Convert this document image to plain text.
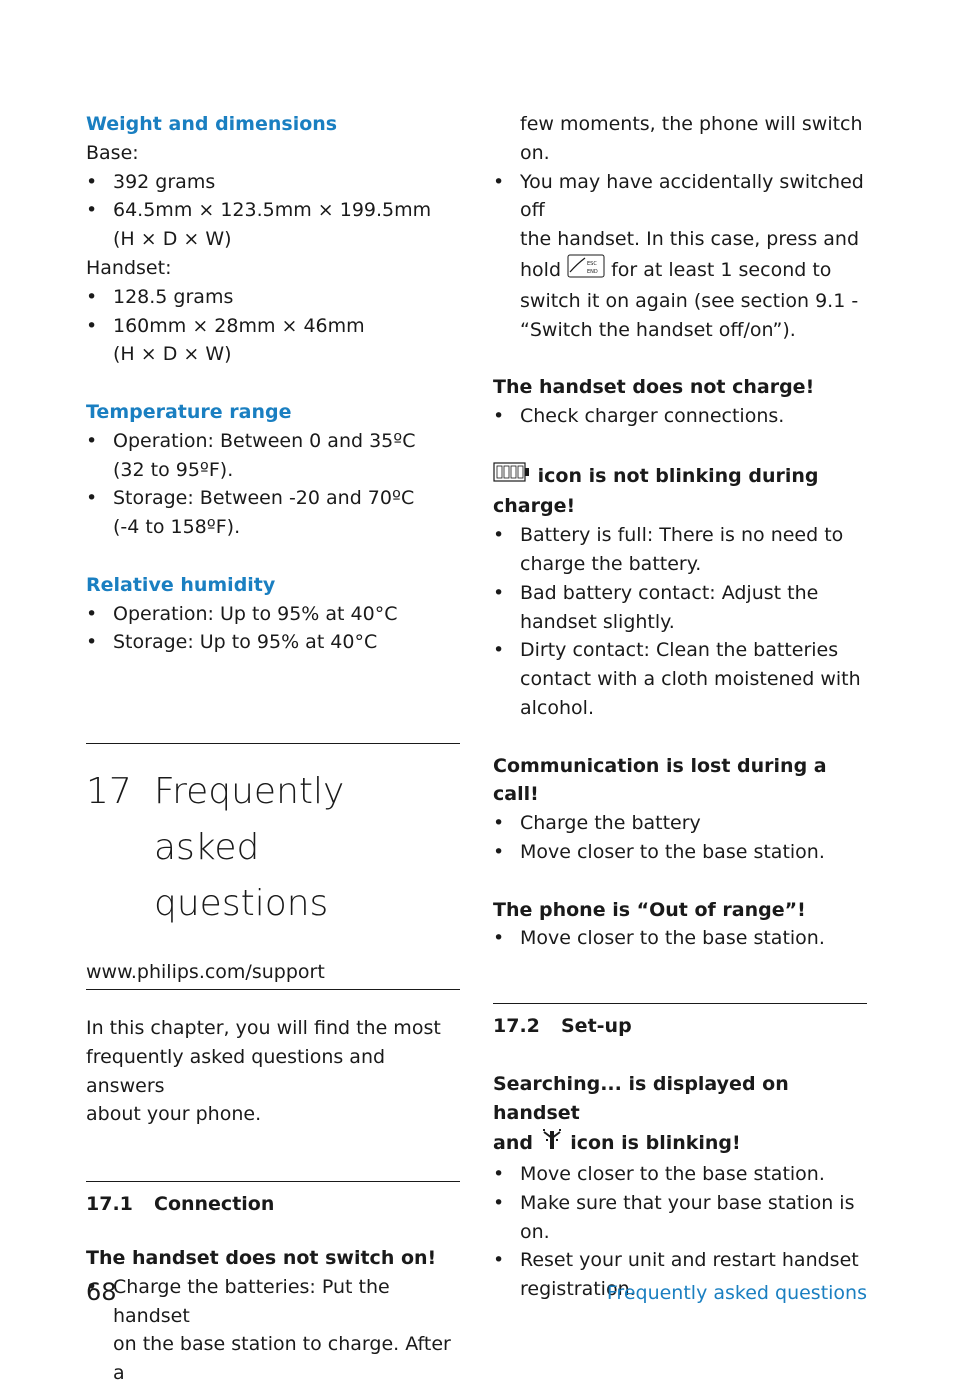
Weight and dimensions

Base:

• 392 grams
• 64.5mm × 123.5mm × 199.5mm
(H × D × W)

Handset:

• 128.5 grams
• 160mm × 28mm × 46mm
(H × D × W)

Temperature range

• Operation: Between 0 and 35ºC
(32 to 95ºF).
• Storage: Between -20 and 70ºC
(-4 to 158ºF).

Relative humidity

• Operation: Up to 95% at 40°C
• Storage: Up to 95% at 40°C
17 Frequently asked
questions

www.philips.com/support

In this chapter, you will find the most

frequently asked questions and answers

about your phone.

17.1 Connection

The handset does not switch on!

• Charge the batteries: Put the handset
on the base station to charge. After a

few moments, the phone will switch

on.

• You may have accidentally switched off
the handset. In this case, press and
hold	ESC
END for at least 1 second to
switch it on again (see section 9.1 -
“Switch the handset off/on”).

The handset does not charge!

• Check charger connections.

icon is not blinking during
charge!

• Battery is full: There is no need to
charge the battery.
• Bad battery contact: Adjust the
handset slightly.
• Dirty contact: Clean the batteries
contact with a cloth moistened with
alcohol.

Communication is lost during a call!

• Charge the battery
• Move closer to the base station.

The phone is “Out of range”!

• Move closer to the base station.

17.2 Set-up

Searching... is displayed on handset
and icon is blinking!

• Move closer to the base station.
• Make sure that your base station is
on.
• Reset your unit and restart handset
registration.
68	Frequently asked questions
